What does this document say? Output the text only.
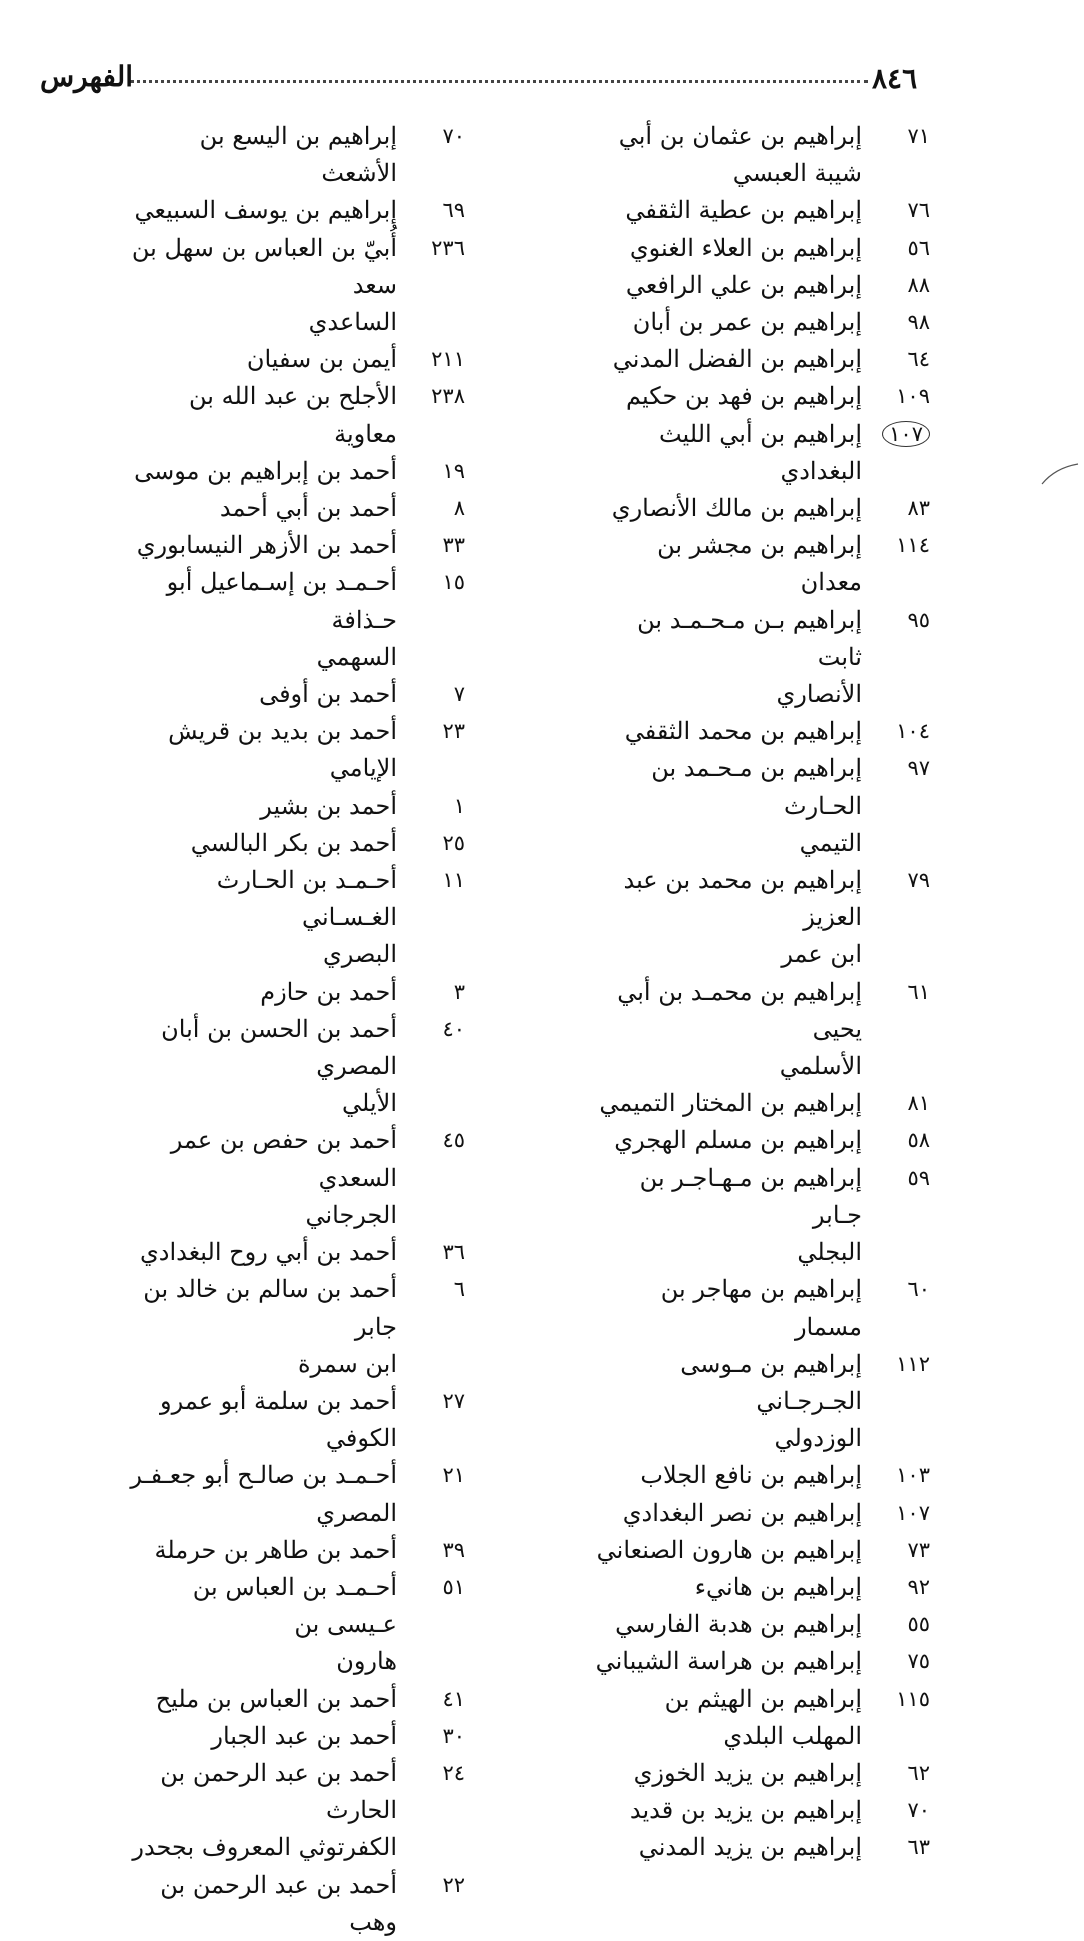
الفهرس	٨٤٦
٧١
إبراهيم بن عثمان بن أبي شيبة العبسي
٧٦
إبراهيم بن عطية الثقفي
٥٦
إبراهيم بن العلاء الغنوي
٨٨
إبراهيم بن علي الرافعي
٩٨
إبراهيم بن عمر بن أبان
٦٤
إبراهيم بن الفضل المدني
١٠٩
إبراهيم بن فهد بن حكيم
١٠٧
إبراهيم بن أبي الليث البغدادي
٨٣
إبراهيم بن مالك الأنصاري
١١٤
إبراهيم بن مجشر بن معدان
٩٥
إبراهيم بـن مـحـمـد بن ثابت
الأنصاري
١٠٤
إبراهيم بن محمد الثقفي
٩٧
إبراهيم بن مـحـمد بن الحـارث
التيمي
٧٩
إبراهيم بن محمد بن عبد العزيز
ابن عمر
٦١
إبراهيم بن محمـد بن أبي يحيى
الأسلمي
٨١
إبراهيم بن المختار التميمي
٥٨
إبراهيم بن مسلم الهجري
٥٩
إبراهيم بن مـهـاجـر بن جـابر
البجلي
٦٠
إبراهيم بن مهاجر بن مسمار
١١٢
إبراهيم بن مـوسى الجـرجـاني
الوزدولي
١٠٣
إبراهيم بن نافع الجلاب
١٠٧
إبراهيم بن نصر البغدادي
٧٣
إبراهيم بن هارون الصنعاني
٩٢
إبراهيم بن هانيء
٥٥
إبراهيم بن هدبة الفارسي
٧٥
إبراهيم بن هراسة الشيباني
١١٥
إبراهيم بن الهيثم بن المهلب البلدي
٦٢
إبراهيم بن يزيد الخوزي
٧٠
إبراهيم بن يزيد بن قديد
٦٣
إبراهيم بن يزيد المدني
٧٠
إبراهيم بن اليسع بن الأشعث
٦٩
إبراهيم بن يوسف السبيعي
٢٣٦
أُبيّ بن العباس بن سهل بن سعد
الساعدي
٢١١
أيمن بن سفيان
٢٣٨
الأجلح بن عبد الله بن معاوية
١٩
أحمد بن إبراهيم بن موسى
٨
أحمد بن أبي أحمد
٣٣
أحمد بن الأزهر النيسابوري
١٥
أحـمـد بن إسـماعيل أبو حـذافة
السهمي
٧
أحمد بن أوفى
٢٣
أحمد بن بديد بن قريش الإيامي
١
أحمد بن بشير
٢٥
أحمد بن بكر البالسي
١١
أحـمـد بن الحـارث الغـسـاني
البصري
٣
أحمد بن حازم
٤٠
أحمد بن الحسن بن أبان المصري
الأيلي
٤٥
أحمد بن حفص بن عمر السعدي
الجرجاني
٣٦
أحمد بن أبي روح البغدادي
٦
أحمد بن سالم بن خالد بن جابر
ابن سمرة
٢٧
أحمد بن سلمة أبو عمرو الكوفي
٢١
أحـمـد بن صالـح أبو جعـفـر
المصري
٣٩
أحمد بن طاهر بن حرملة
٥١
أحـمـد بن العباس بن عـيسى بن
هارون
٤١
أحمد بن العباس بن مليح
٣٠
أحمد بن عبد الجبار
٢٤
أحمد بن عبد الرحمن بن الحارث
الكفرتوثي المعروف بجحدر
٢٢
أحمد بن عبد الرحمن بن وهب
